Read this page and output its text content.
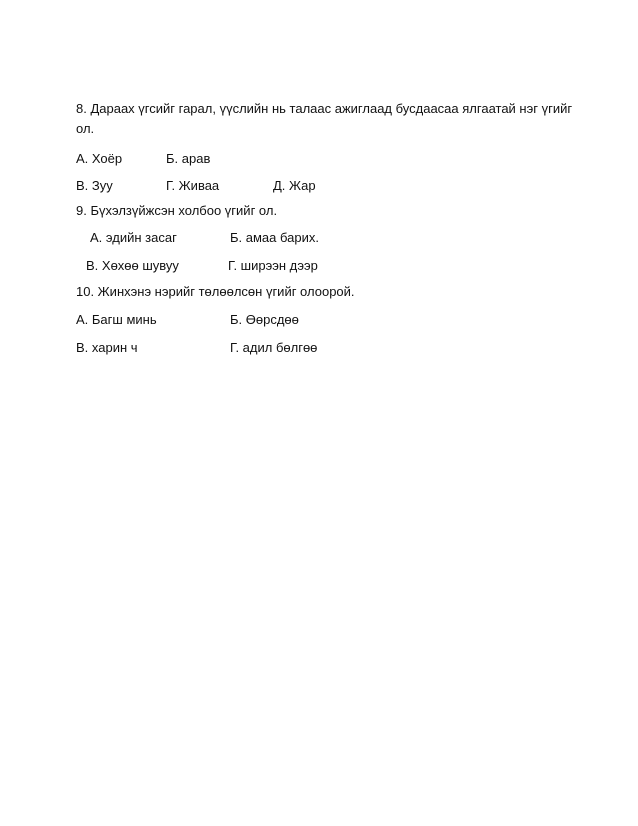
8. Дараах үгсийг гарал, үүслийн нь талаас ажиглаад бусдаасаа ялгаатай нэг үгийг
ол.
А. Хоёр	Б. арав
В. Зуу	Г. Живаа	Д. Жар
9. Бүхэлзүйжсэн холбоо үгийг ол.
А. эдийн засаг	Б. амаа барих.
В. Хөхөө шувуу	Г. ширээн дээр
10. Жинхэнэ нэрийг төлөөлсөн үгийг олоорой.
А. Багш минь	Б. Өөрсдөө
В. харин ч	Г. адил бөлгөө
